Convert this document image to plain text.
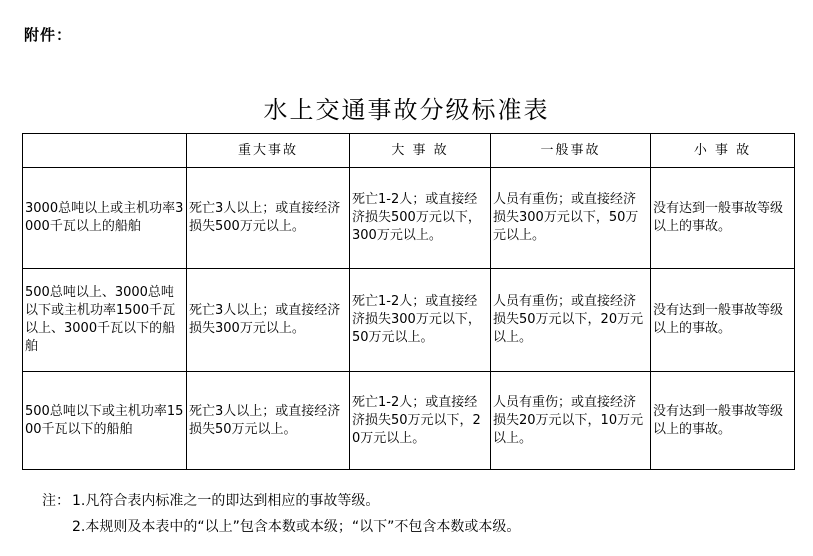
附件：
水上交通事故分级标准表
	重大事故	大 事 故	一般事故	小 事 故
3000总吨以上或主机功率3000千瓦以上的船舶	死亡3人以上；或直接经济损失500万元以上。	死亡1-2人；或直接经济损失500万元以下，300万元以上。	人员有重伤；或直接经济损失300万元以下，50万元以上。	没有达到一般事故等级以上的事故。
500总吨以上、3000总吨以下或主机功率1500千瓦以上、3000千瓦以下的船舶	死亡3人以上；或直接经济损失300万元以上。	死亡1-2人；或直接经济损失300万元以下，50万元以上。	人员有重伤；或直接经济损失50万元以下，20万元以上。	没有达到一般事故等级以上的事故。
500总吨以下或主机功率1500千瓦以下的船舶	死亡3人以上；或直接经济损失50万元以上。	死亡1-2人；或直接经济损失50万元以下，20万元以上。	人员有重伤；或直接经济损失20万元以下，10万元以上。	没有达到一般事故等级以上的事故。
注： 1.凡符合表内标准之一的即达到相应的事故等级。
2.本规则及本表中的“以上”包含本数或本级；“以下”不包含本数或本级。
